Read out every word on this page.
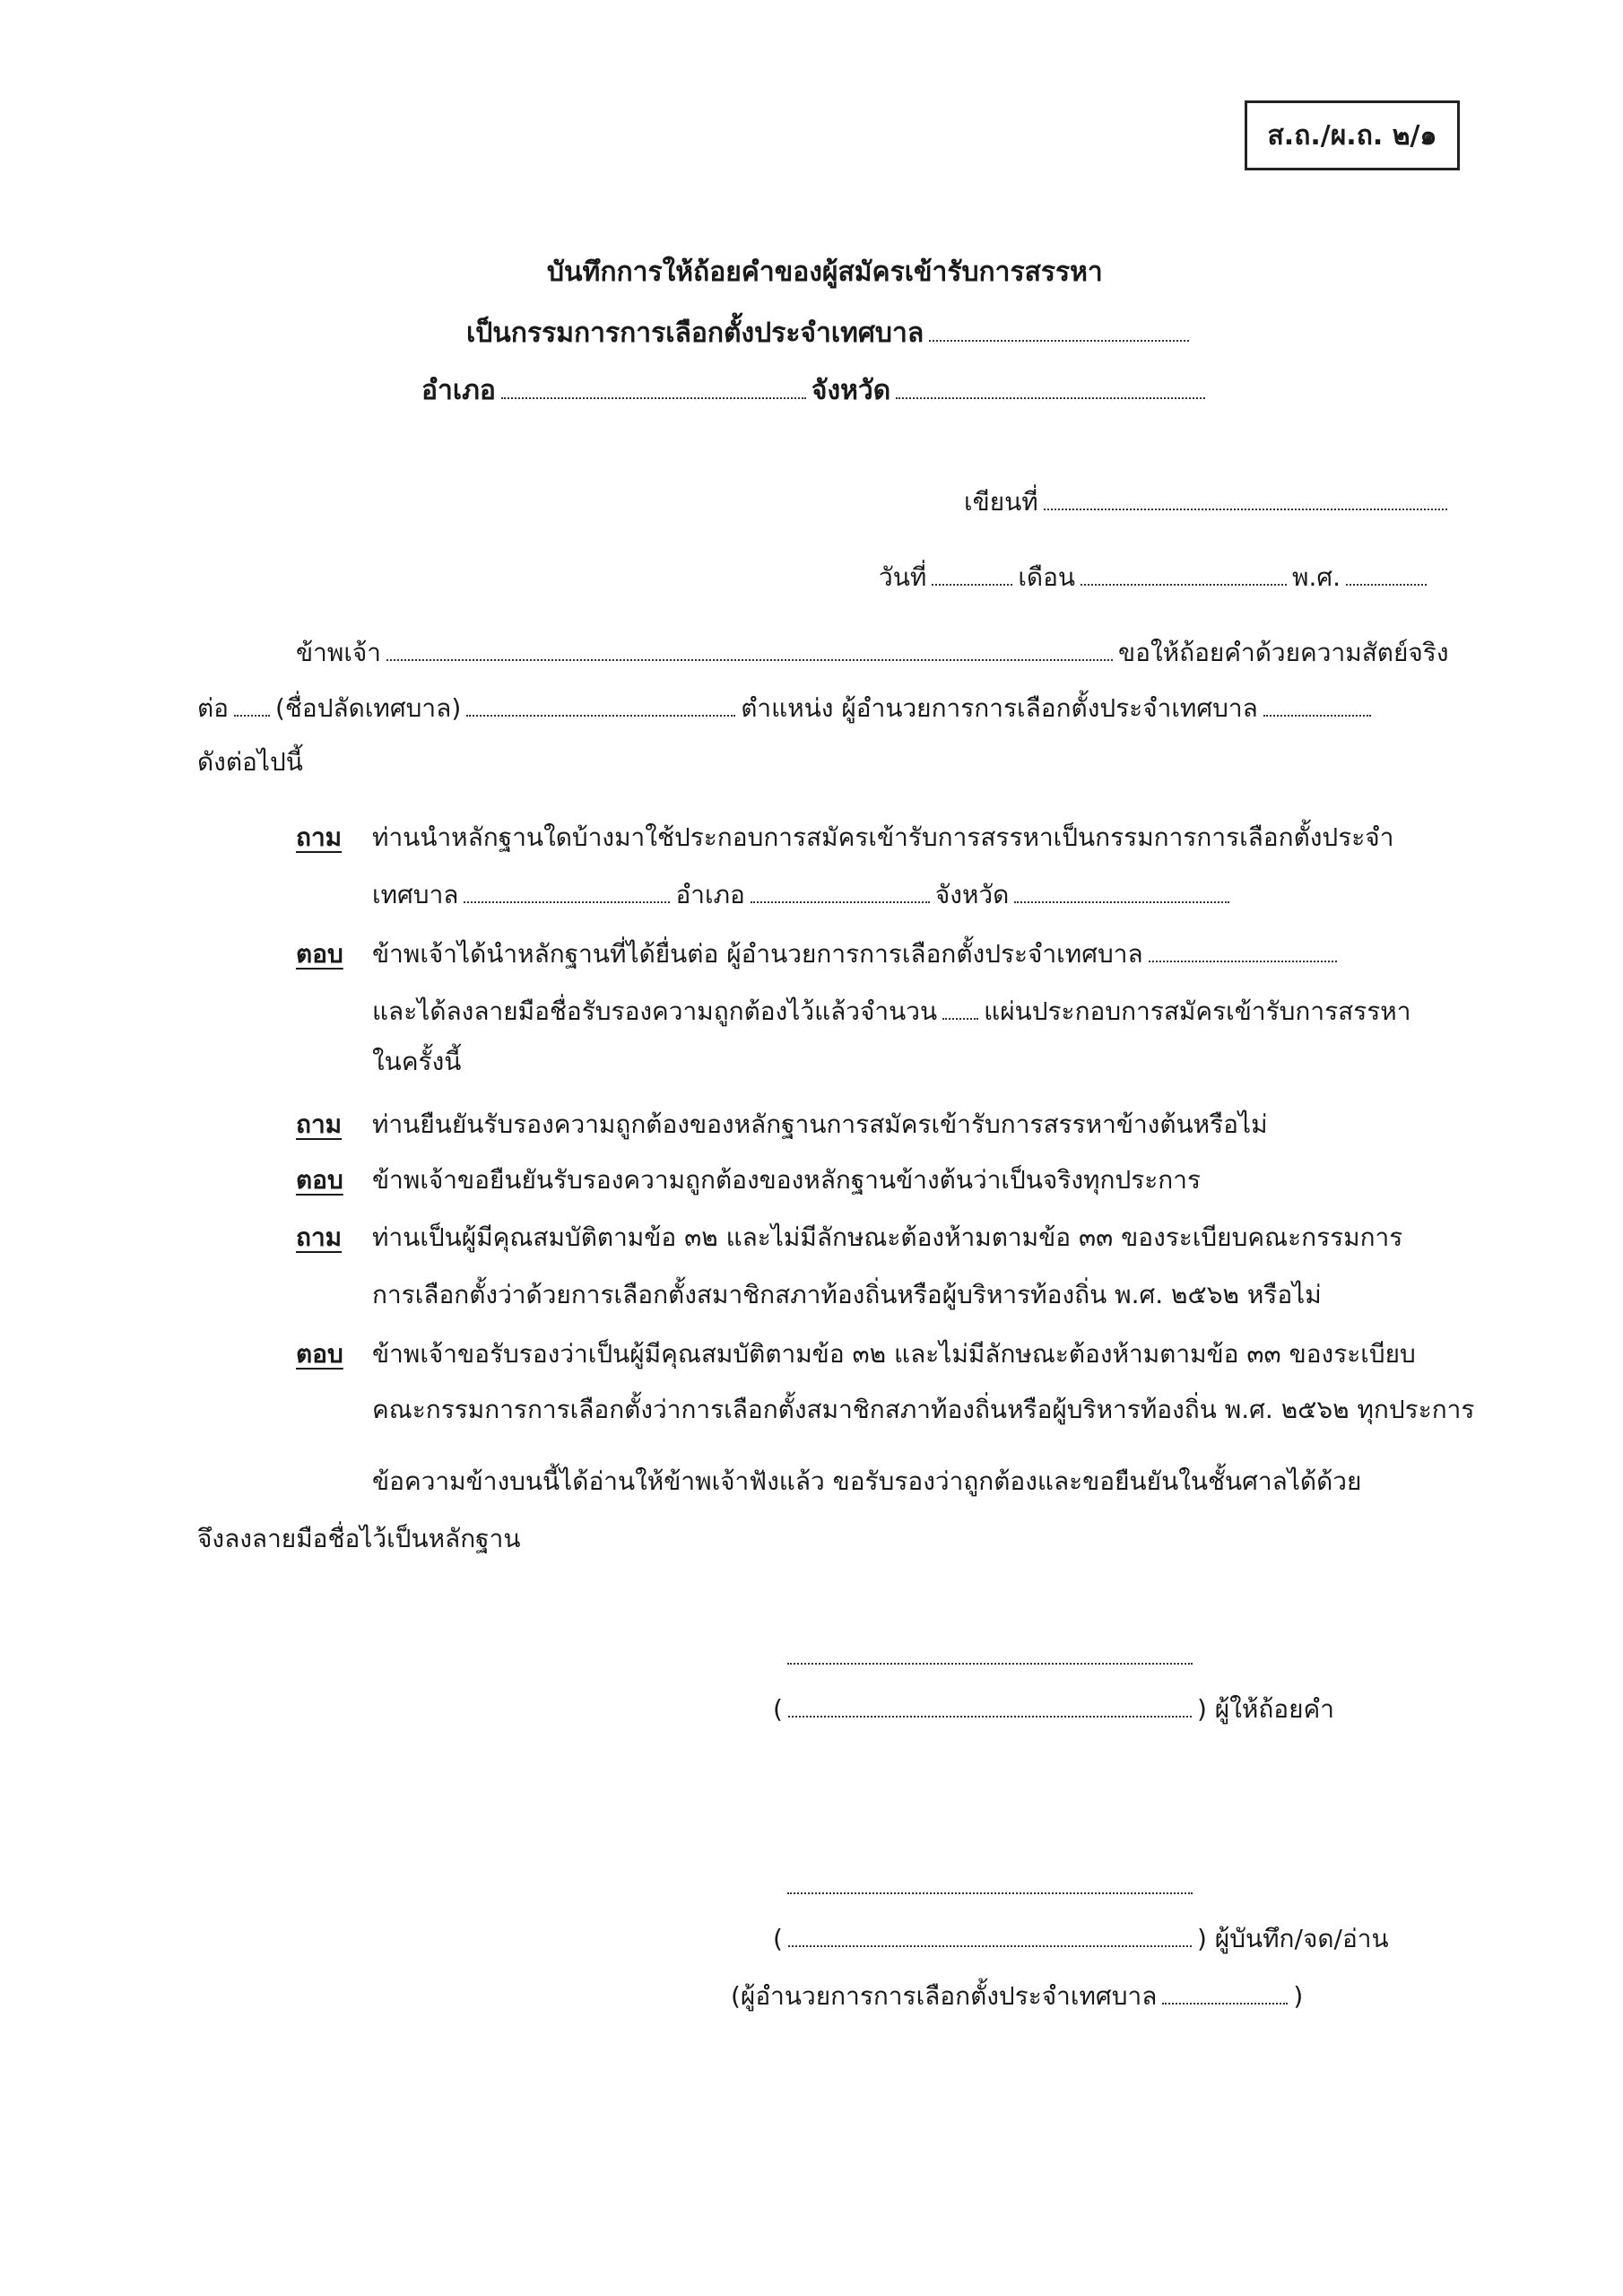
ส.ถ./ผ.ถ. ๒/๑
บันทึกการให้ถ้อยคำของผู้สมัครเข้ารับการสรรหา
เป็นกรรมการการเลือกตั้งประจำเทศบาล
อำเภอ	จังหวัด
เขียนที่
วันที่	เดือน	พ.ศ.
ข้าพเจ้า	ขอให้ถ้อยคำด้วยความสัตย์จริง
ต่อ (ชื่อปลัดเทศบาล)	ตำแหน่ง ผู้อำนวยการการเลือกตั้งประจำเทศบาล
ดังต่อไปนี้
ถาม ท่านนำหลักฐานใดบ้างมาใช้ประกอบการสมัครเข้ารับการสรรหาเป็นกรรมการการเลือกตั้งประจำ
เทศบาล	อำเภอ	จังหวัด
ตอบ ข้าพเจ้าได้นำหลักฐานที่ได้ยื่นต่อ ผู้อำนวยการการเลือกตั้งประจำเทศบาล
และได้ลงลายมือชื่อรับรองความถูกต้องไว้แล้วจำนวน แผ่นประกอบการสมัครเข้ารับการสรรหา
ในครั้งนี้
ถาม ท่านยืนยันรับรองความถูกต้องของหลักฐานการสมัครเข้ารับการสรรหาข้างต้นหรือไม่
ตอบ ข้าพเจ้าขอยืนยันรับรองความถูกต้องของหลักฐานข้างต้นว่าเป็นจริงทุกประการ
ถาม ท่านเป็นผู้มีคุณสมบัติตามข้อ ๓๒ และไม่มีลักษณะต้องห้ามตามข้อ ๓๓ ของระเบียบคณะกรรมการ
การเลือกตั้งว่าด้วยการเลือกตั้งสมาชิกสภาท้องถิ่นหรือผู้บริหารท้องถิ่น พ.ศ. ๒๕๖๒ หรือไม่
ตอบ ข้าพเจ้าขอรับรองว่าเป็นผู้มีคุณสมบัติตามข้อ ๓๒ และไม่มีลักษณะต้องห้ามตามข้อ ๓๓ ของระเบียบ
คณะกรรมการการเลือกตั้งว่าการเลือกตั้งสมาชิกสภาท้องถิ่นหรือผู้บริหารท้องถิ่น พ.ศ. ๒๕๖๒ ทุกประการ
ข้อความข้างบนนี้ได้อ่านให้ข้าพเจ้าฟังแล้ว ขอรับรองว่าถูกต้องและขอยืนยันในชั้นศาลได้ด้วย
จึงลงลายมือชื่อไว้เป็นหลักฐาน
(	) ผู้ให้ถ้อยคำ
(	) ผู้บันทึก/จด/อ่าน
(ผู้อำนวยการการเลือกตั้งประจำเทศบาล	)
